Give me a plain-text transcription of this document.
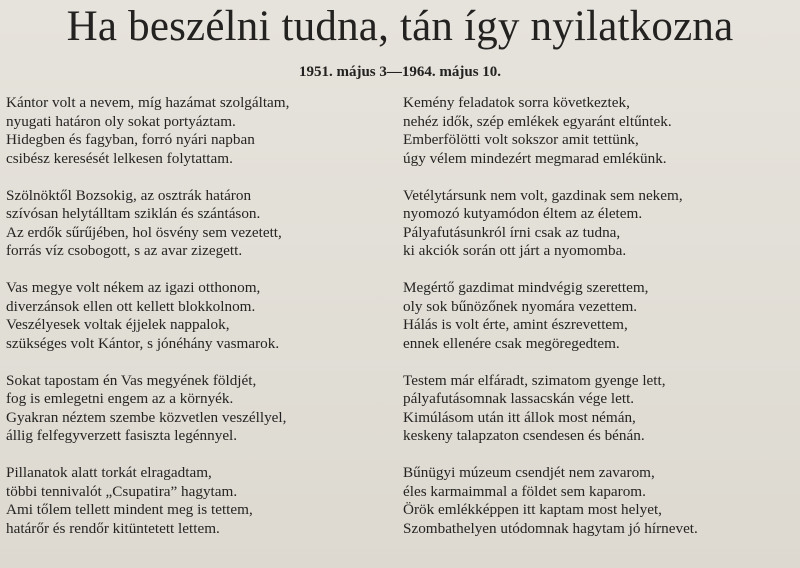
Ha beszélni tudna, tán így nyilatkozna
1951. május 3—1964. május 10.
Kántor volt a nevem, míg hazámat szolgáltam,
nyugati határon oly sokat portyáztam.
Hidegben és fagyban, forró nyári napban
csibész keresését lelkesen folytattam.
Szölnöktől Bozsokig, az osztrák határon
szívósan helytálltam sziklán és szántáson.
Az erdők sűrűjében, hol ösvény sem vezetett,
forrás víz csobogott, s az avar zizegett.
Vas megye volt nékem az igazi otthonom,
diverzánsok ellen ott kellett blokkolnom.
Veszélyesek voltak éjjelek nappalok,
szükséges volt Kántor, s jónéhány vasmarok.
Sokat tapostam én Vas megyének földjét,
fog is emlegetni engem az a környék.
Gyakran néztem szembe közvetlen veszéllyel,
állig felfegyverzett fasiszta legénnyel.
Pillanatok alatt torkát elragadtam,
többi tennivalót „Csupatira” hagytam.
Ami tőlem tellett mindent meg is tettem,
határőr és rendőr kitüntetett lettem.
Kemény feladatok sorra következtek,
nehéz idők, szép emlékek egyaránt eltűntek.
Emberfölötti volt sokszor amit tettünk,
úgy vélem mindezért megmarad emlékünk.
Vetélytársunk nem volt, gazdinak sem nekem,
nyomozó kutyamódon éltem az életem.
Pályafutásunkról írni csak az tudna,
ki akciók során ott járt a nyomomba.
Megértő gazdimat mindvégig szerettem,
oly sok bűnözőnek nyomára vezettem.
Hálás is volt érte, amint észrevettem,
ennek ellenére csak megöregedtem.
Testem már elfáradt, szimatom gyenge lett,
pályafutásomnak lassacskán vége lett.
Kimúlásom után itt állok most némán,
keskeny talapzaton csendesen és bénán.
Bűnügyi múzeum csendjét nem zavarom,
éles karmaimmal a földet sem kaparom.
Örök emlékképpen itt kaptam most helyet,
Szombathelyen utódomnak hagytam jó hírnevet.
